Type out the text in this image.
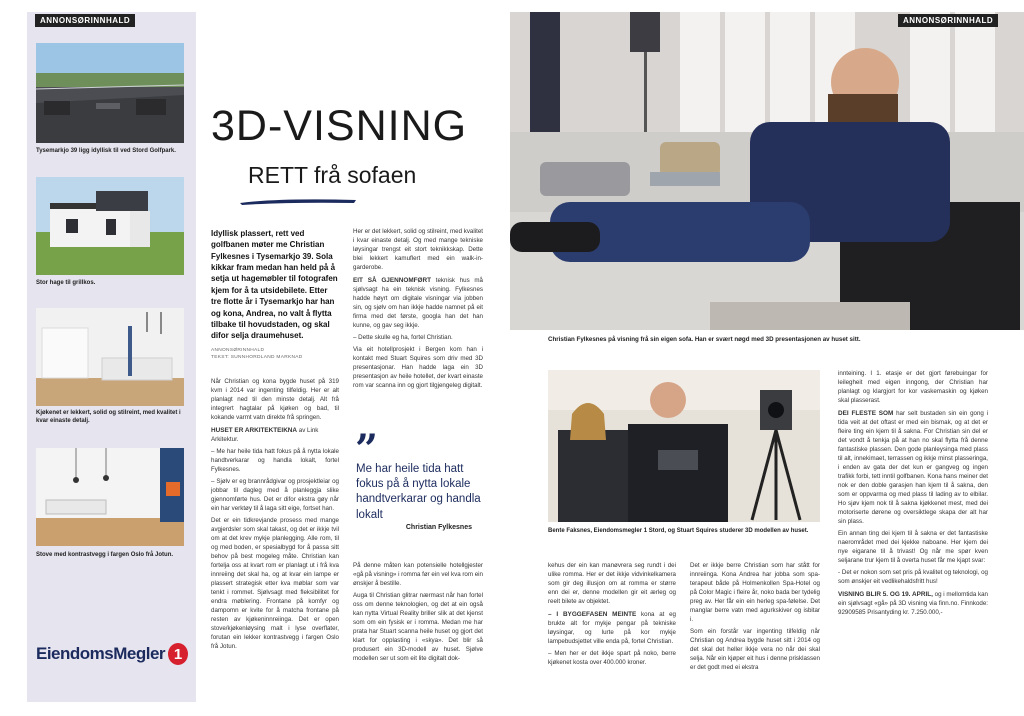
ANNONSØRINNHALD
Tysemarkjo 39 ligg idyllisk til ved Stord Golfpark.
Stor hage til grillkos.
Kjøkenet er lekkert, solid og stilreint, med kvalitet i kvar einaste detalj.
Stove med kontrastvegg i fargen Oslo frå Jotun.
EiendomsMegler 1
3D-VISNING
RETT frå sofaen
Idyllisk plassert, rett ved golfbanen møter me Christian Fylkesnes i Tysemarkjo 39. Sola kikkar fram medan han held på å setja ut hagemøbler til fotografen kjem for å ta utsidebilete. Etter tre flotte år i Tysemarkjo har han og kona, Andrea, no valt å flytta tilbake til hovudstaden, og skal difor selja draumehuset.
ANNONSØRINNHALD
TEKST: SUNNHORDLAND MARKNAD

Når Christian og kona bygde huset på 319 kvm i 2014 var ingenting tilfeldig. Her er alt planlagt ned til den minste detalj. Alt frå integrert hagtalar på kjøken og bad, til kokande varmt vatn direkte frå springen.

HUSET ER ARKITEKTEIKNA av Link
Arkitektur.

– Me har heile tida hatt fokus på å nytta lokale handtverkarar og handla lokalt, fortel Fylkesnes.

– Sjølv er eg brannrådgivar og prosjektleiar og jobbar til dagleg med å planleggja slike gjennomførte hus. Det er difor ekstra gøy når ein har verktøy til å laga sitt eige, fortset han.

Det er ein tidkrevjande prosess med mange avgjerdsler som skal takast, og det er ikkje tvil om at det krev mykje planlegging. Alle rom, til og med boden, er spesialbygd for å passa sitt behov på best mogeleg måte. Christian kan fortelja oss at kvart rom er planlagt ut i frå kva innreiing det skal ha, og at kvar ein lampe er plassert strategisk etter kva møblar som var tenkt i rommet. Sjølvsagt med fleksibilitet for endra møblering. Frontane på komfyr og dampomn er kvite for å matcha frontane på resten av kjøkeninnreiinga. Det er open stove/kjøkenløysing malt i lyse overflater, forutan ein lekker kontrastvegg i fargen Oslo frå Jotun.

Her er det lekkert, solid og stilreint, med kvalitet i kvar einaste detalj. Og med mange tekniske løysingar trengst eit stort teknikkskap. Dette blei lekkert kamuflert med ein walk-in-garderobe.

EIT SÅ GJENNOMFØRT teknisk hus må sjølvsagt ha ein teknisk visning. Fylkesnes hadde høyrt om digitale visningar via jobben sin, og sjølv om han ikkje hadde namnet på eit firma med det første, googla han det han kunne, og gav seg ikkje.

– Dette skulle eg ha, fortel Christian.

Via eit hotellprosjekt i Bergen kom han i kontakt med Stuart Squires som driv med 3D presentasjonar. Han hadde laga ein 3D presentasjon av heile hotellet, der kvart einaste rom var scanna inn og gjort tilgjengeleg digitalt.

”
Me har heile tida hatt fokus på å nytta lokale handtverkarar og handla lokalt
Christian Fylkesnes

På denne måten kan potensielle hotellgjester «gå på visning» i romma før ein vel kva rom ein ønskjer å bestille.

Auga til Christian glitrar nærmast når han fortel oss om denne teknologien, og det at ein også kan nytta Virtual Reality briller slik at det kjenst som om ein fysisk er i romma. Medan me har prata har Stuart scanna heile huset og gjort det klart for opplasting i «skya». Det blir så produsert ein 3D-modell av huset. Sjølve modellen ser ut som eit lite digitalt dok-

ANNONSØRINNHALD
Christian Fylkesnes på visning frå sin eigen sofa. Han er svært nøgd med 3D presentasjonen av huset sitt.
Bente Faksnes, Eiendomsmegler 1 Stord, og Stuart Squires studerer 3D modellen av huset.

kehus der ein kan manøvrera seg rundt i dei ulike romma. Her er det ikkje vidvinkelkamera som gir deg illusjon om at romma er større enn dei er, denne modellen gir eit ærleg og reelt bilete av objektet.

– I BYGGEFASEN MEINTE kona at eg brukte alt for mykje pengar på tekniske løysingar, og lurte på kor mykje lampebudsjettet ville enda på, fortel Christian.

– Men her er det ikkje spart på noko, berre kjøkenet kosta over 400.000 kroner.

Det er ikkje berre Christian som har stått for innreiinga. Kona Andrea har jobba som spa-terapeut både på Holmenkollen Spa-Hotel og på Color Magic i fleire år, noko bada ber tydelig preg av. Her får ein ein herleg spa-følelse. Det manglar berre vatn med agurkskiver og isbitar i.

Som ein forstår var ingenting tilfeldig når Christian og Andrea bygde huset sitt i 2014 og det skal det heller ikkje vera no når dei skal selja. Når ein kjøper eit hus i denne prisklassen er det godt med ei ekstra

innteining. I 1. etasje er det gjort førebuingar for leilegheit med eigen inngong, der Christian har planlagt og klargjort for kor vaskemaskin og kjøken skal plasserast.

DEI FLESTE SOM har selt bustaden sin ein gong i tida veit at det oftast er med ein bismak, og at det er fleire ting ein kjem til å sakna. For Christian sin del er det vondt å tenkja på at han no skal flytta frå denne fantastiske plassen. Den gode planleysinga med plass til alt, innekimaet, terrassen og ikkje minst plasseringa, i enden av gata der det kun er gangveg og ingen trafikk forbi, tett inntil golfbanen. Kona hans meiner det nok er den doble garasjen han kjem til å sakna, den som er oppvarma og med plass til lading av to elbilar. Ho sjøv kjem nok til å sakna kjøkkenet mest, med dei motoriserte dørene og oversiktlege skapa der alt har sin plass.

Ein annan ting dei kjem til å sakna er det fantastiske naerområdet med dei kjekke naboane. Her kjem dei nye eigarane til å trivast! Og når me spør kven seljarane trur kjem til å overta huset får me kjapt svar:

- Det er nokon som set pris på kvalitet og teknologi, og som ønskjer eit vedlikehaldsfritt hus!

VISNING BLIR 5. OG 19. APRIL, og i mellomtida kan ein sjølvsagt «gå» på 3D visning via finn.no. Finnkode: 92909585 Prisantyding kr. 7.250.000,-
